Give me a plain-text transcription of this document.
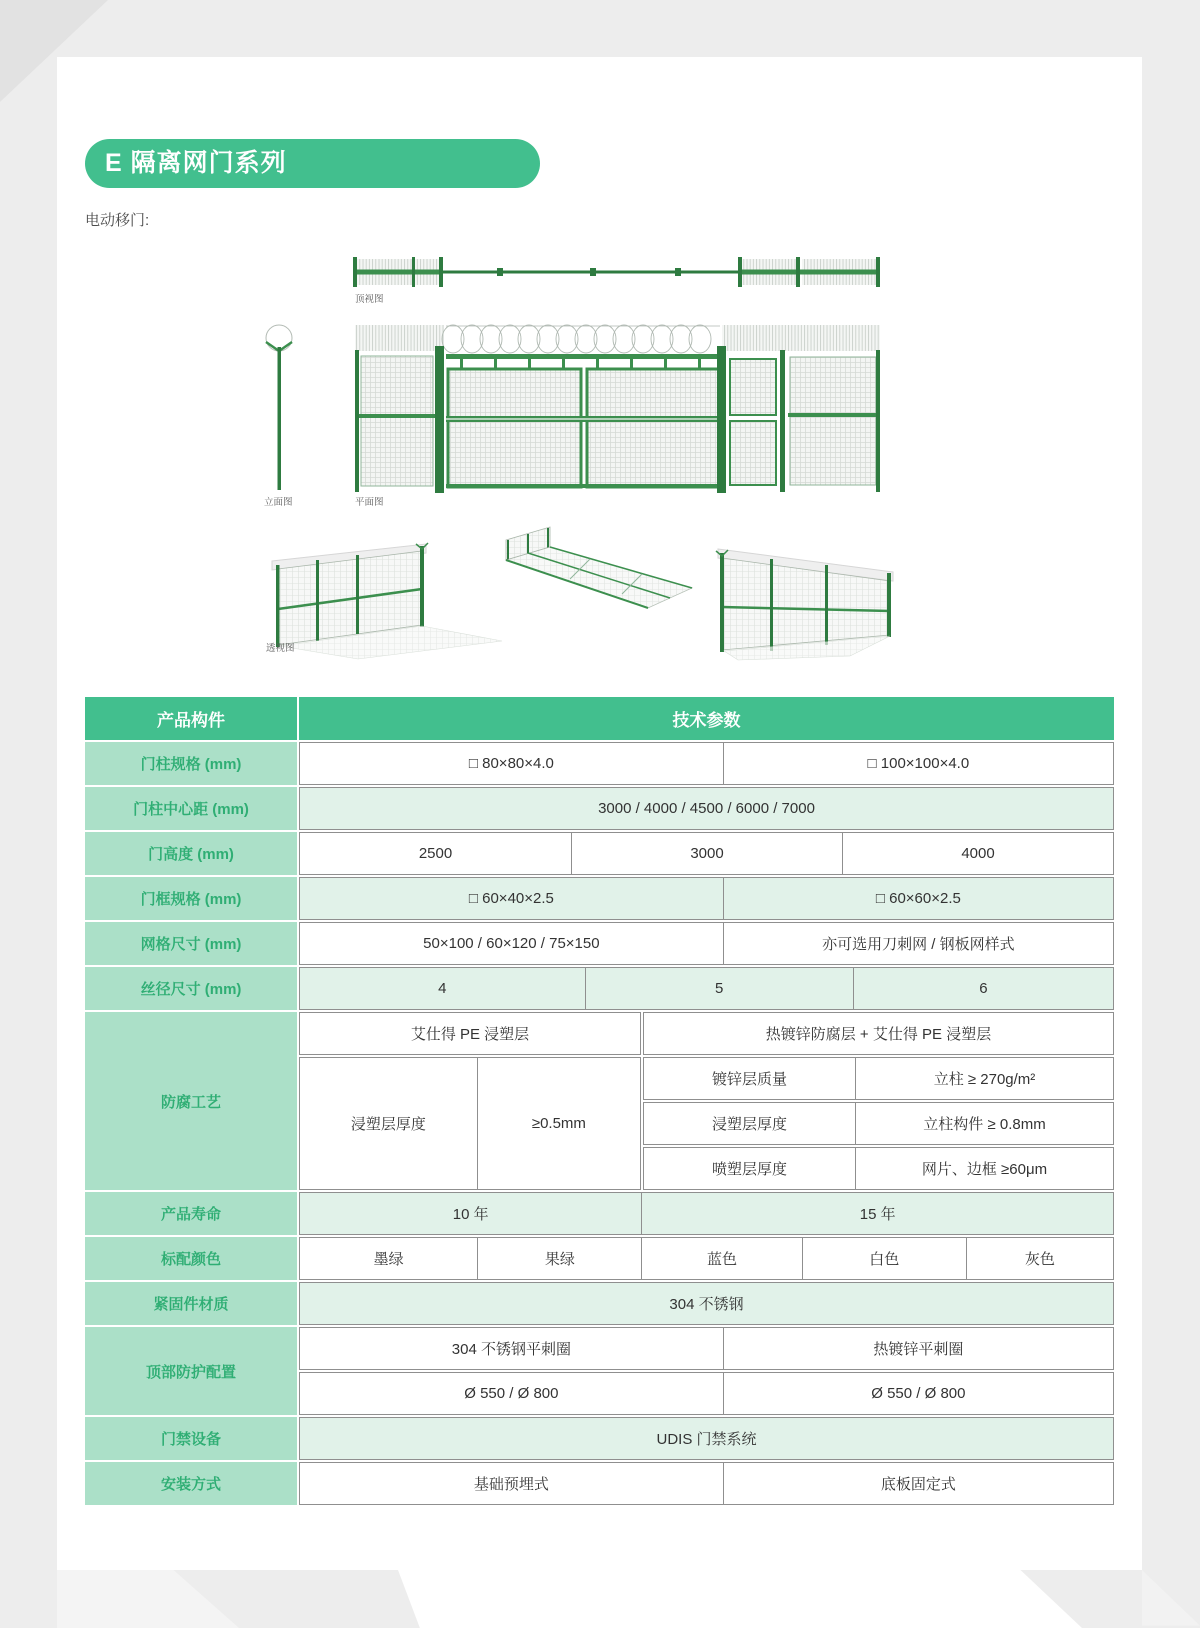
E 隔离网门系列
电动移门:
顶视图
立面图	平面图
透视图
产品构件	技术参数
门柱规格 (mm)	□ 80×80×4.0	□ 100×100×4.0
门柱中心距 (mm)	3000 / 4000 / 4500 / 6000 / 7000
门高度 (mm)	2500	3000	4000
门框规格 (mm)	□ 60×40×2.5	□ 60×60×2.5
网格尺寸 (mm)	50×100 / 60×120 / 75×150	亦可选用刀刺网 / 钢板网样式
丝径尺寸 (mm)	4	5	6
防腐工艺
艾仕得 PE 浸塑层	热镀锌防腐层 + 艾仕得 PE 浸塑层
浸塑层厚度	≥0.5mm
镀锌层质量	立柱 ≥ 270g/m²
浸塑层厚度	立柱构件 ≥ 0.8mm
喷塑层厚度	网片、边框 ≥60μm
产品寿命	10 年	15 年
标配颜色	墨绿	果绿	蓝色	白色	灰色
紧固件材质	304 不锈钢
顶部防护配置
304 不锈钢平刺圈	热镀锌平刺圈
Ø 550 / Ø 800	Ø 550 / Ø 800
门禁设备	UDIS 门禁系统
安装方式	基础预埋式	底板固定式
